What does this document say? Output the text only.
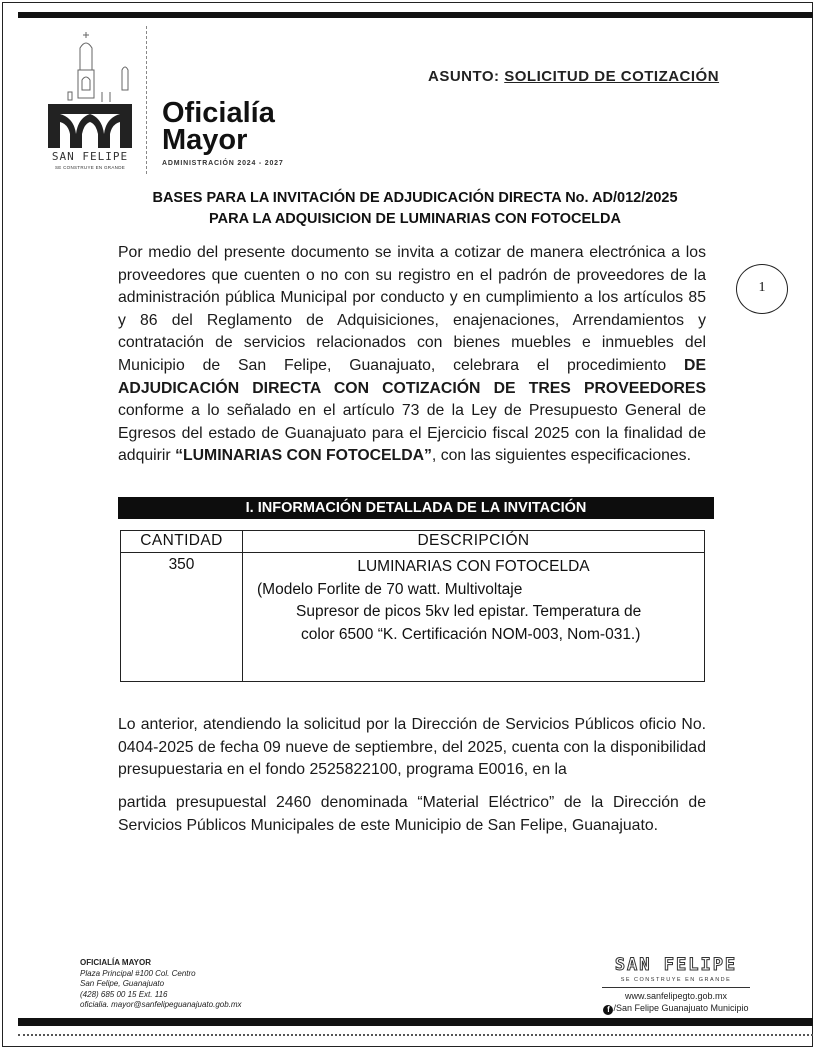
SAN FELIPE
SE CONSTRUYE EN GRANDE
Oficialía
Mayor
ADMINISTRACIÓN 2024 - 2027
ASUNTO: SOLICITUD DE COTIZACIÓN
BASES PARA LA INVITACIÓN DE ADJUDICACIÓN DIRECTA No. AD/012/2025
PARA LA ADQUISICION DE LUMINARIAS CON FOTOCELDA
Por medio del presente documento se invita a cotizar de manera electrónica a los proveedores que cuenten o no con su registro en el padrón de proveedores de la administración pública Municipal por conducto y en cumplimiento a los artículos 85 y 86 del Reglamento de Adquisiciones, enajenaciones, Arrendamientos y contratación de servicios relacionados con bienes muebles e inmuebles del Municipio de San Felipe, Guanajuato, celebrara el procedimiento DE ADJUDICACIÓN DIRECTA CON COTIZACIÓN DE TRES PROVEEDORES conforme a lo señalado en el artículo 73 de la Ley de Presupuesto General de Egresos del estado de Guanajuato para el Ejercicio fiscal 2025 con la finalidad de adquirir “LUMINARIAS CON FOTOCELDA”, con las siguientes especificaciones.
1
I. INFORMACIÓN DETALLADA DE LA INVITACIÓN
CANTIDAD	DESCRIPCIÓN
350	LUMINARIAS CON FOTOCELDA
(Modelo Forlite de 70 watt. Multivoltaje
Supresor de picos 5kv led epistar. Temperatura de
color 6500 “K. Certificación NOM-003, Nom-031.)
Lo anterior, atendiendo la solicitud por la Dirección de Servicios Públicos oficio No. 0404-2025 de fecha 09 nueve de septiembre, del 2025, cuenta con la disponibilidad presupuestaria en el fondo 2525822100, programa E0016, en la
partida presupuestal 2460 denominada “Material Eléctrico” de la Dirección de Servicios Públicos Municipales de este Municipio de San Felipe, Guanajuato.
OFICIALÍA MAYOR
Plaza Principal #100 Col. Centro
San Felipe, Guanajuato
(428) 685 00 15 Ext. 116
oficialia. mayor@sanfelipeguanajuato.gob.mx
SAN FELIPE
SE CONSTRUYE EN GRANDE
www.sanfelipegto.gob.mx
f /San Felipe Guanajuato Municipio
